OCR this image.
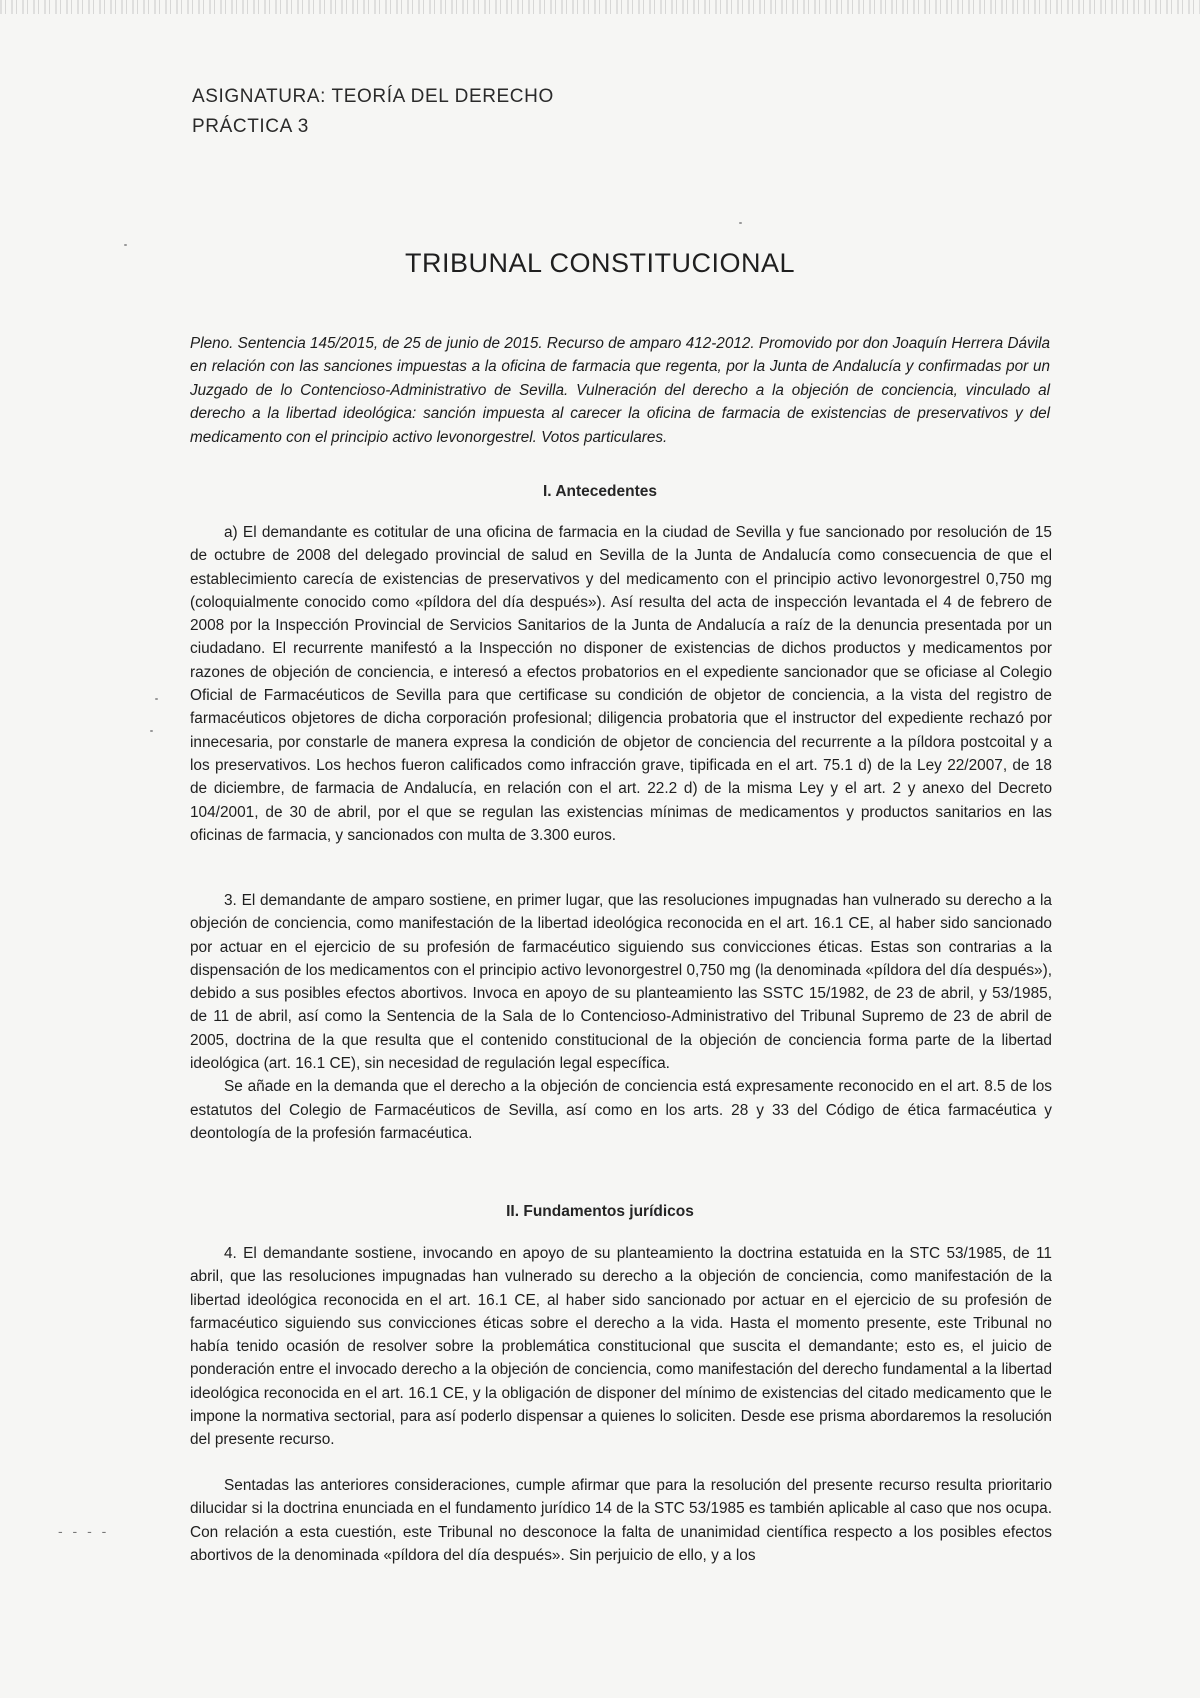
ASIGNATURA: TEORÍA DEL DERECHO
PRÁCTICA 3
TRIBUNAL CONSTITUCIONAL
Pleno. Sentencia 145/2015, de 25 de junio de 2015. Recurso de amparo 412-2012. Promovido por don Joaquín Herrera Dávila en relación con las sanciones impuestas a la oficina de farmacia que regenta, por la Junta de Andalucía y confirmadas por un Juzgado de lo Contencioso-Administrativo de Sevilla. Vulneración del derecho a la objeción de conciencia, vinculado al derecho a la libertad ideológica: sanción impuesta al carecer la oficina de farmacia de existencias de preservativos y del medicamento con el principio activo levonorgestrel. Votos particulares.
I. Antecedentes

a) El demandante es cotitular de una oficina de farmacia en la ciudad de Sevilla y fue sancionado por resolución de 15 de octubre de 2008 del delegado provincial de salud en Sevilla de la Junta de Andalucía como consecuencia de que el establecimiento carecía de existencias de preservativos y del medicamento con el principio activo levonorgestrel 0,750 mg (coloquialmente conocido como «píldora del día después»). Así resulta del acta de inspección levantada el 4 de febrero de 2008 por la Inspección Provincial de Servicios Sanitarios de la Junta de Andalucía a raíz de la denuncia presentada por un ciudadano. El recurrente manifestó a la Inspección no disponer de existencias de dichos productos y medicamentos por razones de objeción de conciencia, e interesó a efectos probatorios en el expediente sancionador que se oficiase al Colegio Oficial de Farmacéuticos de Sevilla para que certificase su condición de objetor de conciencia, a la vista del registro de farmacéuticos objetores de dicha corporación profesional; diligencia probatoria que el instructor del expediente rechazó por innecesaria, por constarle de manera expresa la condición de objetor de conciencia del recurrente a la píldora postcoital y a los preservativos. Los hechos fueron calificados como infracción grave, tipificada en el art. 75.1 d) de la Ley 22/2007, de 18 de diciembre, de farmacia de Andalucía, en relación con el art. 22.2 d) de la misma Ley y el art. 2 y anexo del Decreto 104/2001, de 30 de abril, por el que se regulan las existencias mínimas de medicamentos y productos sanitarios en las oficinas de farmacia, y sancionados con multa de 3.300 euros.

3. El demandante de amparo sostiene, en primer lugar, que las resoluciones impugnadas han vulnerado su derecho a la objeción de conciencia, como manifestación de la libertad ideológica reconocida en el art. 16.1 CE, al haber sido sancionado por actuar en el ejercicio de su profesión de farmacéutico siguiendo sus convicciones éticas. Estas son contrarias a la dispensación de los medicamentos con el principio activo levonorgestrel 0,750 mg (la denominada «píldora del día después»), debido a sus posibles efectos abortivos. Invoca en apoyo de su planteamiento las SSTC 15/1982, de 23 de abril, y 53/1985, de 11 de abril, así como la Sentencia de la Sala de lo Contencioso-Administrativo del Tribunal Supremo de 23 de abril de 2005, doctrina de la que resulta que el contenido constitucional de la objeción de conciencia forma parte de la libertad ideológica (art. 16.1 CE), sin necesidad de regulación legal específica.

Se añade en la demanda que el derecho a la objeción de conciencia está expresamente reconocido en el art. 8.5 de los estatutos del Colegio de Farmacéuticos de Sevilla, así como en los arts. 28 y 33 del Código de ética farmacéutica y deontología de la profesión farmacéutica.

II. Fundamentos jurídicos

4. El demandante sostiene, invocando en apoyo de su planteamiento la doctrina estatuida en la STC 53/1985, de 11 abril, que las resoluciones impugnadas han vulnerado su derecho a la objeción de conciencia, como manifestación de la libertad ideológica reconocida en el art. 16.1 CE, al haber sido sancionado por actuar en el ejercicio de su profesión de farmacéutico siguiendo sus convicciones éticas sobre el derecho a la vida. Hasta el momento presente, este Tribunal no había tenido ocasión de resolver sobre la problemática constitucional que suscita el demandante; esto es, el juicio de ponderación entre el invocado derecho a la objeción de conciencia, como manifestación del derecho fundamental a la libertad ideológica reconocida en el art. 16.1 CE, y la obligación de disponer del mínimo de existencias del citado medicamento que le impone la normativa sectorial, para así poderlo dispensar a quienes lo soliciten. Desde ese prisma abordaremos la resolución del presente recurso.

Sentadas las anteriores consideraciones, cumple afirmar que para la resolución del presente recurso resulta prioritario dilucidar si la doctrina enunciada en el fundamento jurídico 14 de la STC 53/1985 es también aplicable al caso que nos ocupa. Con relación a esta cuestión, este Tribunal no desconoce la falta de unanimidad científica respecto a los posibles efectos abortivos de la denominada «píldora del día después». Sin perjuicio de ello, y a los

- - - -
